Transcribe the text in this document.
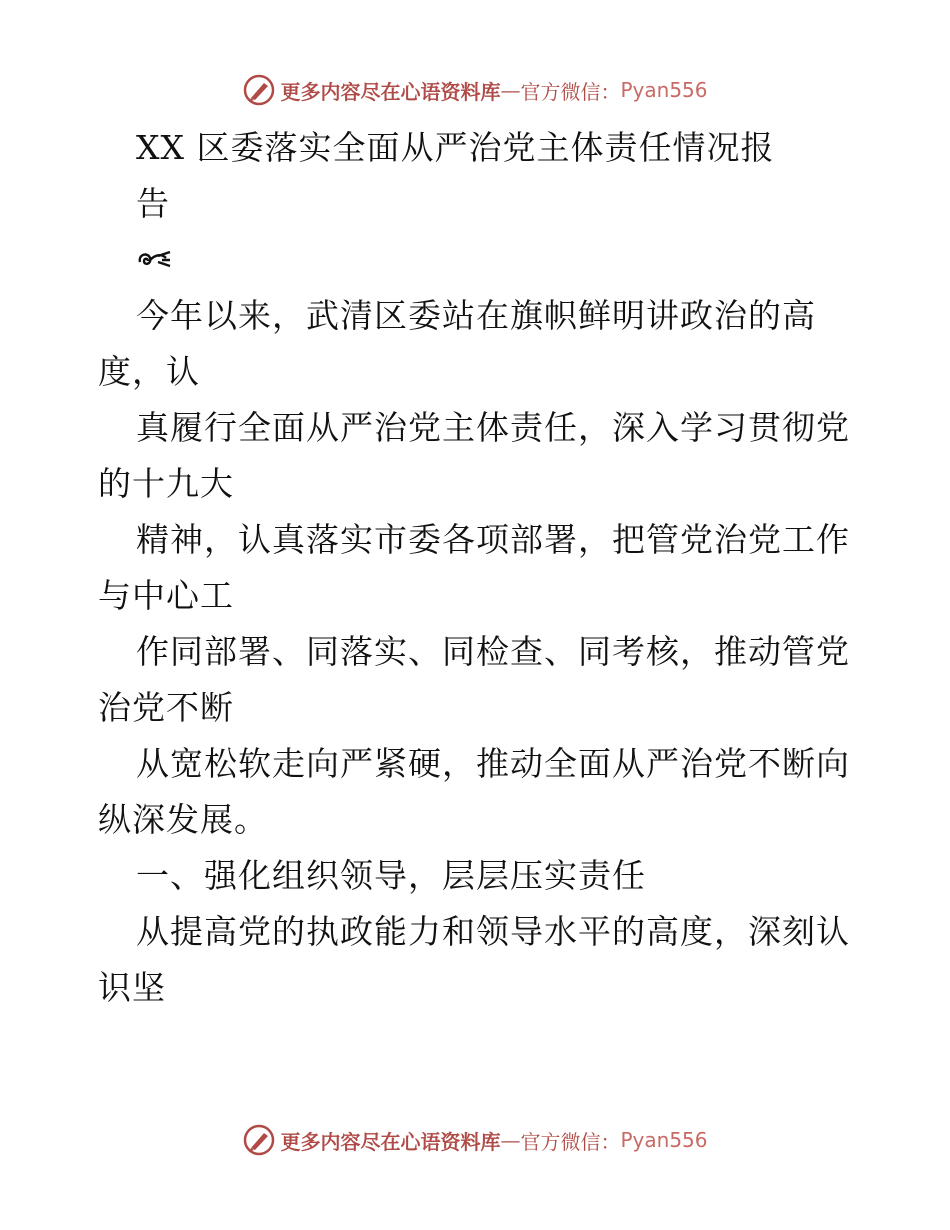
更多内容尽在心语资料库 — 官方微信： Pyan556
XX 区委落实全面从严治党主体责任情况报
告
今年以来，武清区委站在旗帜鲜明讲政治的高
度，认
真履行全面从严治党主体责任，深入学习贯彻党
的十九大
精神，认真落实市委各项部署，把管党治党工作
与中心工
作同部署、同落实、同检查、同考核，推动管党
治党不断
从宽松软走向严紧硬，推动全面从严治党不断向
纵深发展。
一、强化组织领导，层层压实责任
从提高党的执政能力和领导水平的高度，深刻认
识坚
更多内容尽在心语资料库 — 官方微信： Pyan556
